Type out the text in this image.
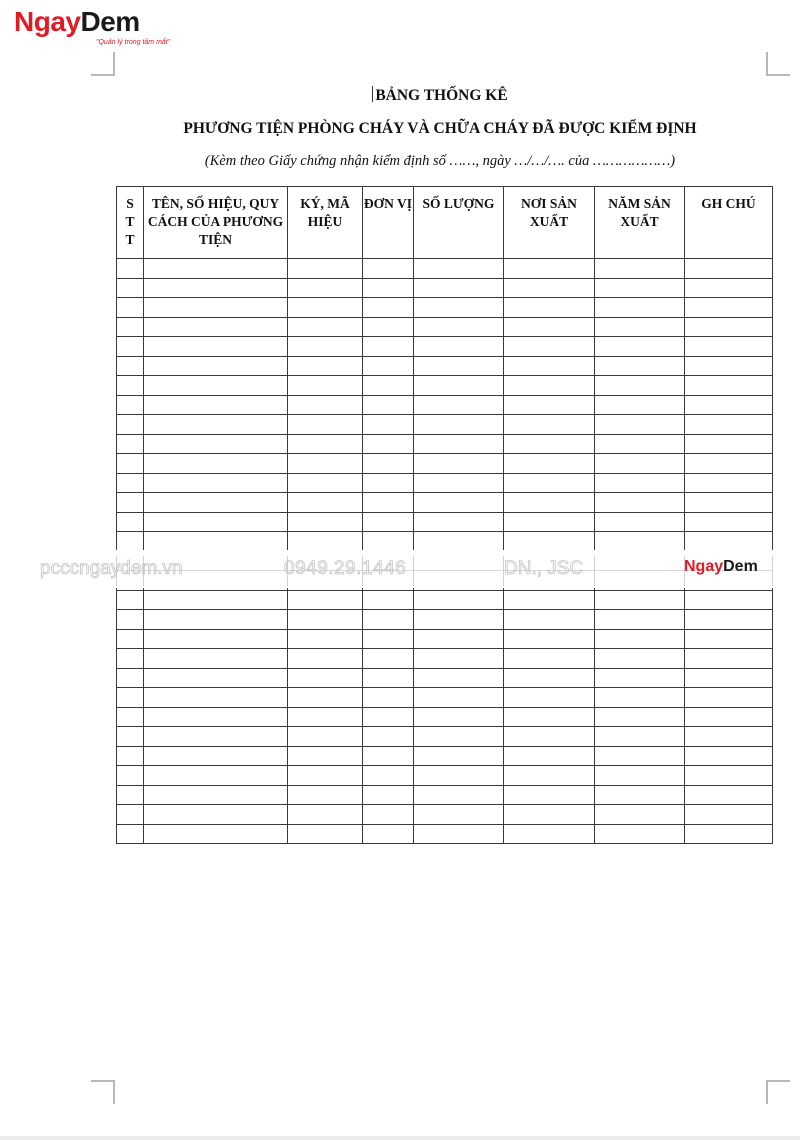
NgayDem
"Quản lý trong tầm mắt"
BẢNG THỐNG KÊ
PHƯƠNG TIỆN PHÒNG CHÁY VÀ CHỮA CHÁY ĐÃ ĐƯỢC KIỂM ĐỊNH
(Kèm theo Giấy chứng nhận kiểm định số ……, ngày …/…/…. của ………………)
STT	TÊN, SỐ HIỆU, QUY CÁCH CỦA PHƯƠNG TIỆN	KÝ, MÃ HIỆU	ĐƠN VỊ	SỐ LƯỢNG	NƠI SẢN XUẤT	NĂM SẢN XUẤT	GH CHÚ

pcccngaydem.vn	0949.29.1446	DN., JSC	NgayDem
